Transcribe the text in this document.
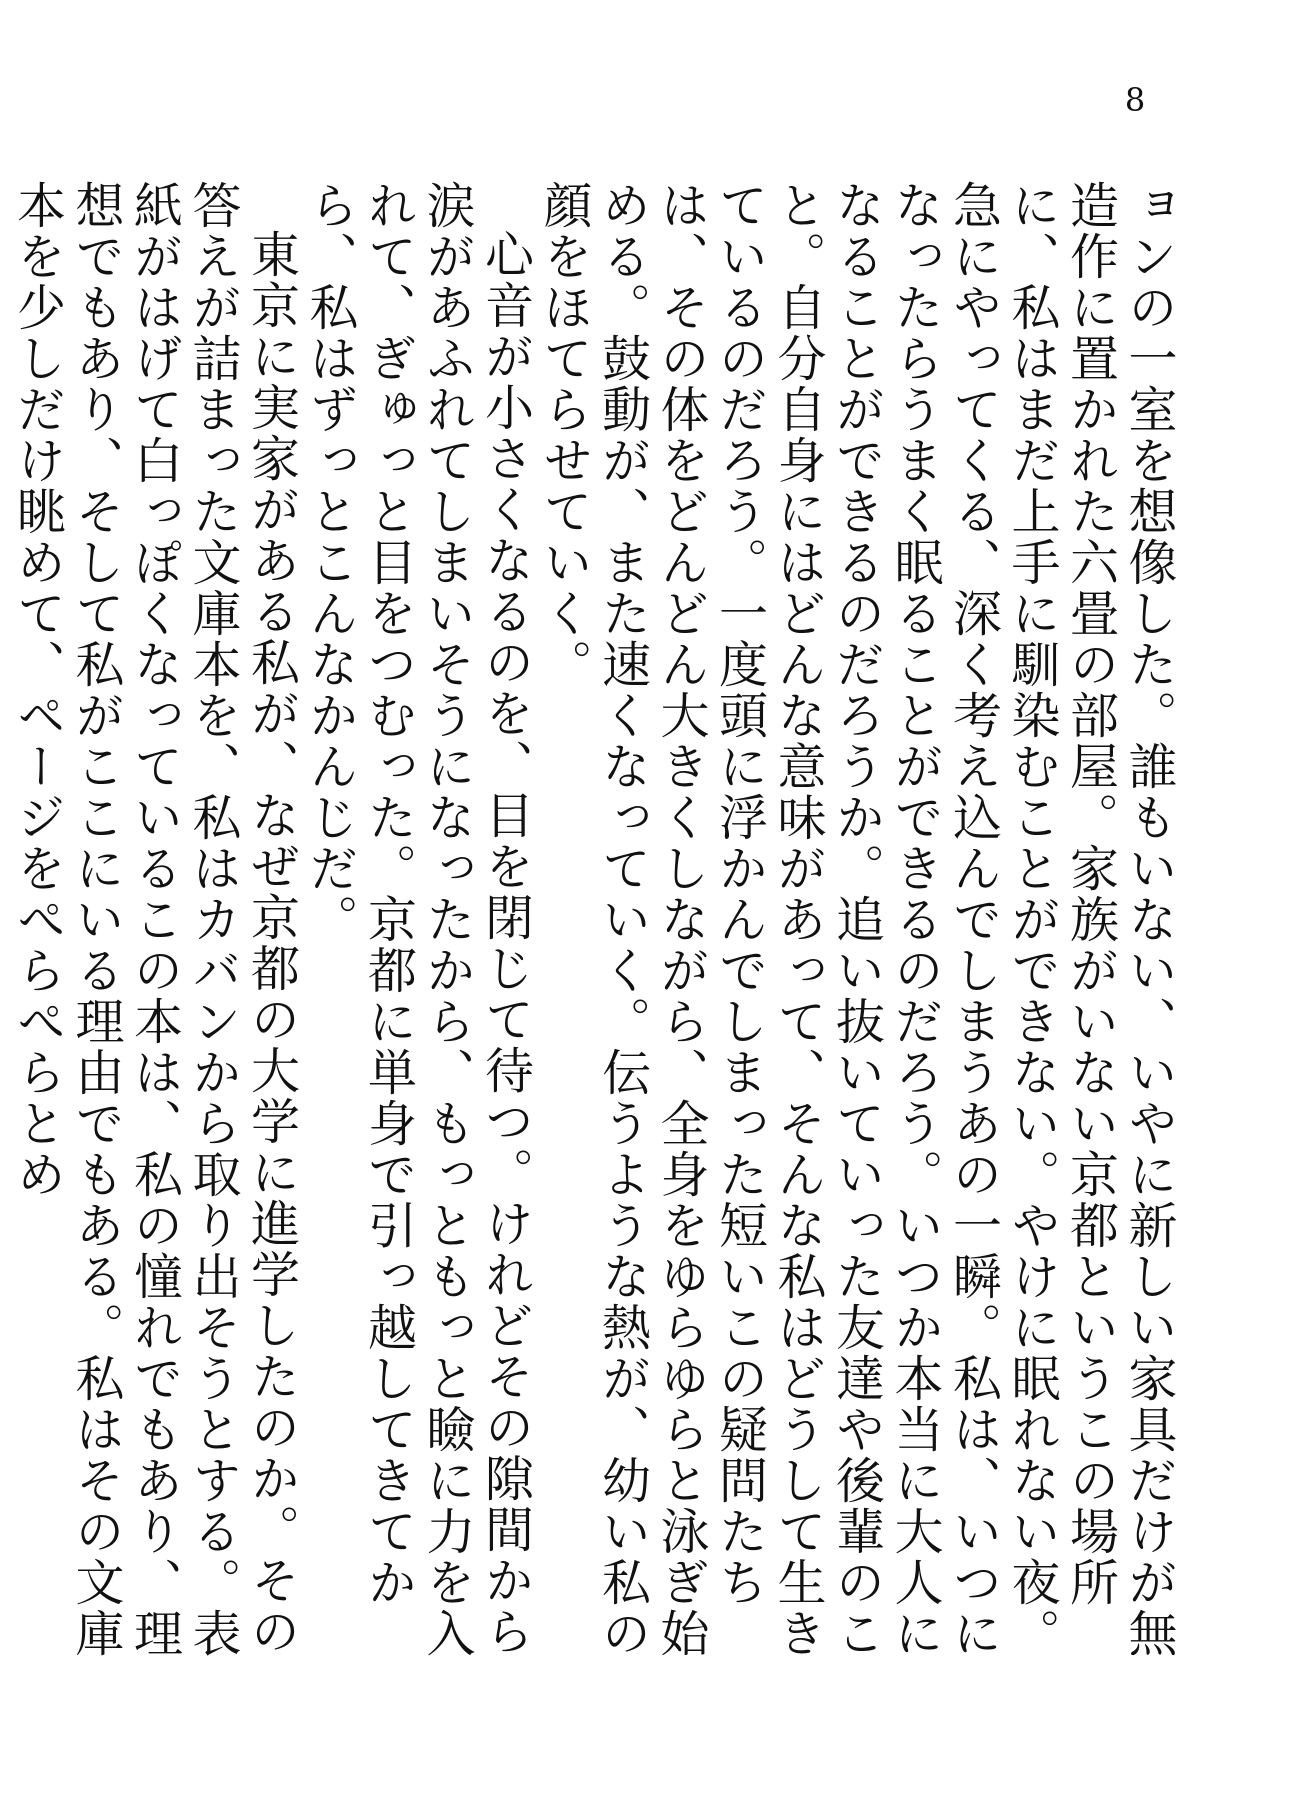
8

ョンの一室を想像した。誰もいない、いやに新しい家具だけが無造作に置かれた六畳の部屋。家族がいない京都というこの場所に、私はまだ上手に馴染むことができない。やけに眠れない夜。急にやってくる、深く考え込んでしまうあの一瞬。私は、いつになったらうまく眠ることができるのだろう。いつか本当に大人になることができるのだろうか。追い抜いていった友達や後輩のこと。自分自身にはどんな意味があって、そんな私はどうして生きているのだろう。一度頭に浮かんでしまった短いこの疑問たちは、その体をどんどん大きくしながら、全身をゆらゆらと泳ぎ始める。鼓動が、また速くなっていく。伝うような熱が、幼い私の顔をほてらせていく。

心音が小さくなるのを、目を閉じて待つ。けれどその隙間から涙があふれてしまいそうになったから、もっともっと瞼に力を入れて、ぎゅっと目をつむった。京都に単身で引っ越してきてから、私はずっとこんなかんじだ。

東京に実家がある私が、なぜ京都の大学に進学したのか。その答えが詰まった文庫本を、私はカバンから取り出そうとする。表紙がはげて白っぽくなっているこの本は、私の憧れでもあり、理想でもあり、そして私がここにいる理由でもある。私はその文庫本を少しだけ眺めて、ページをぺらぺらとめ
